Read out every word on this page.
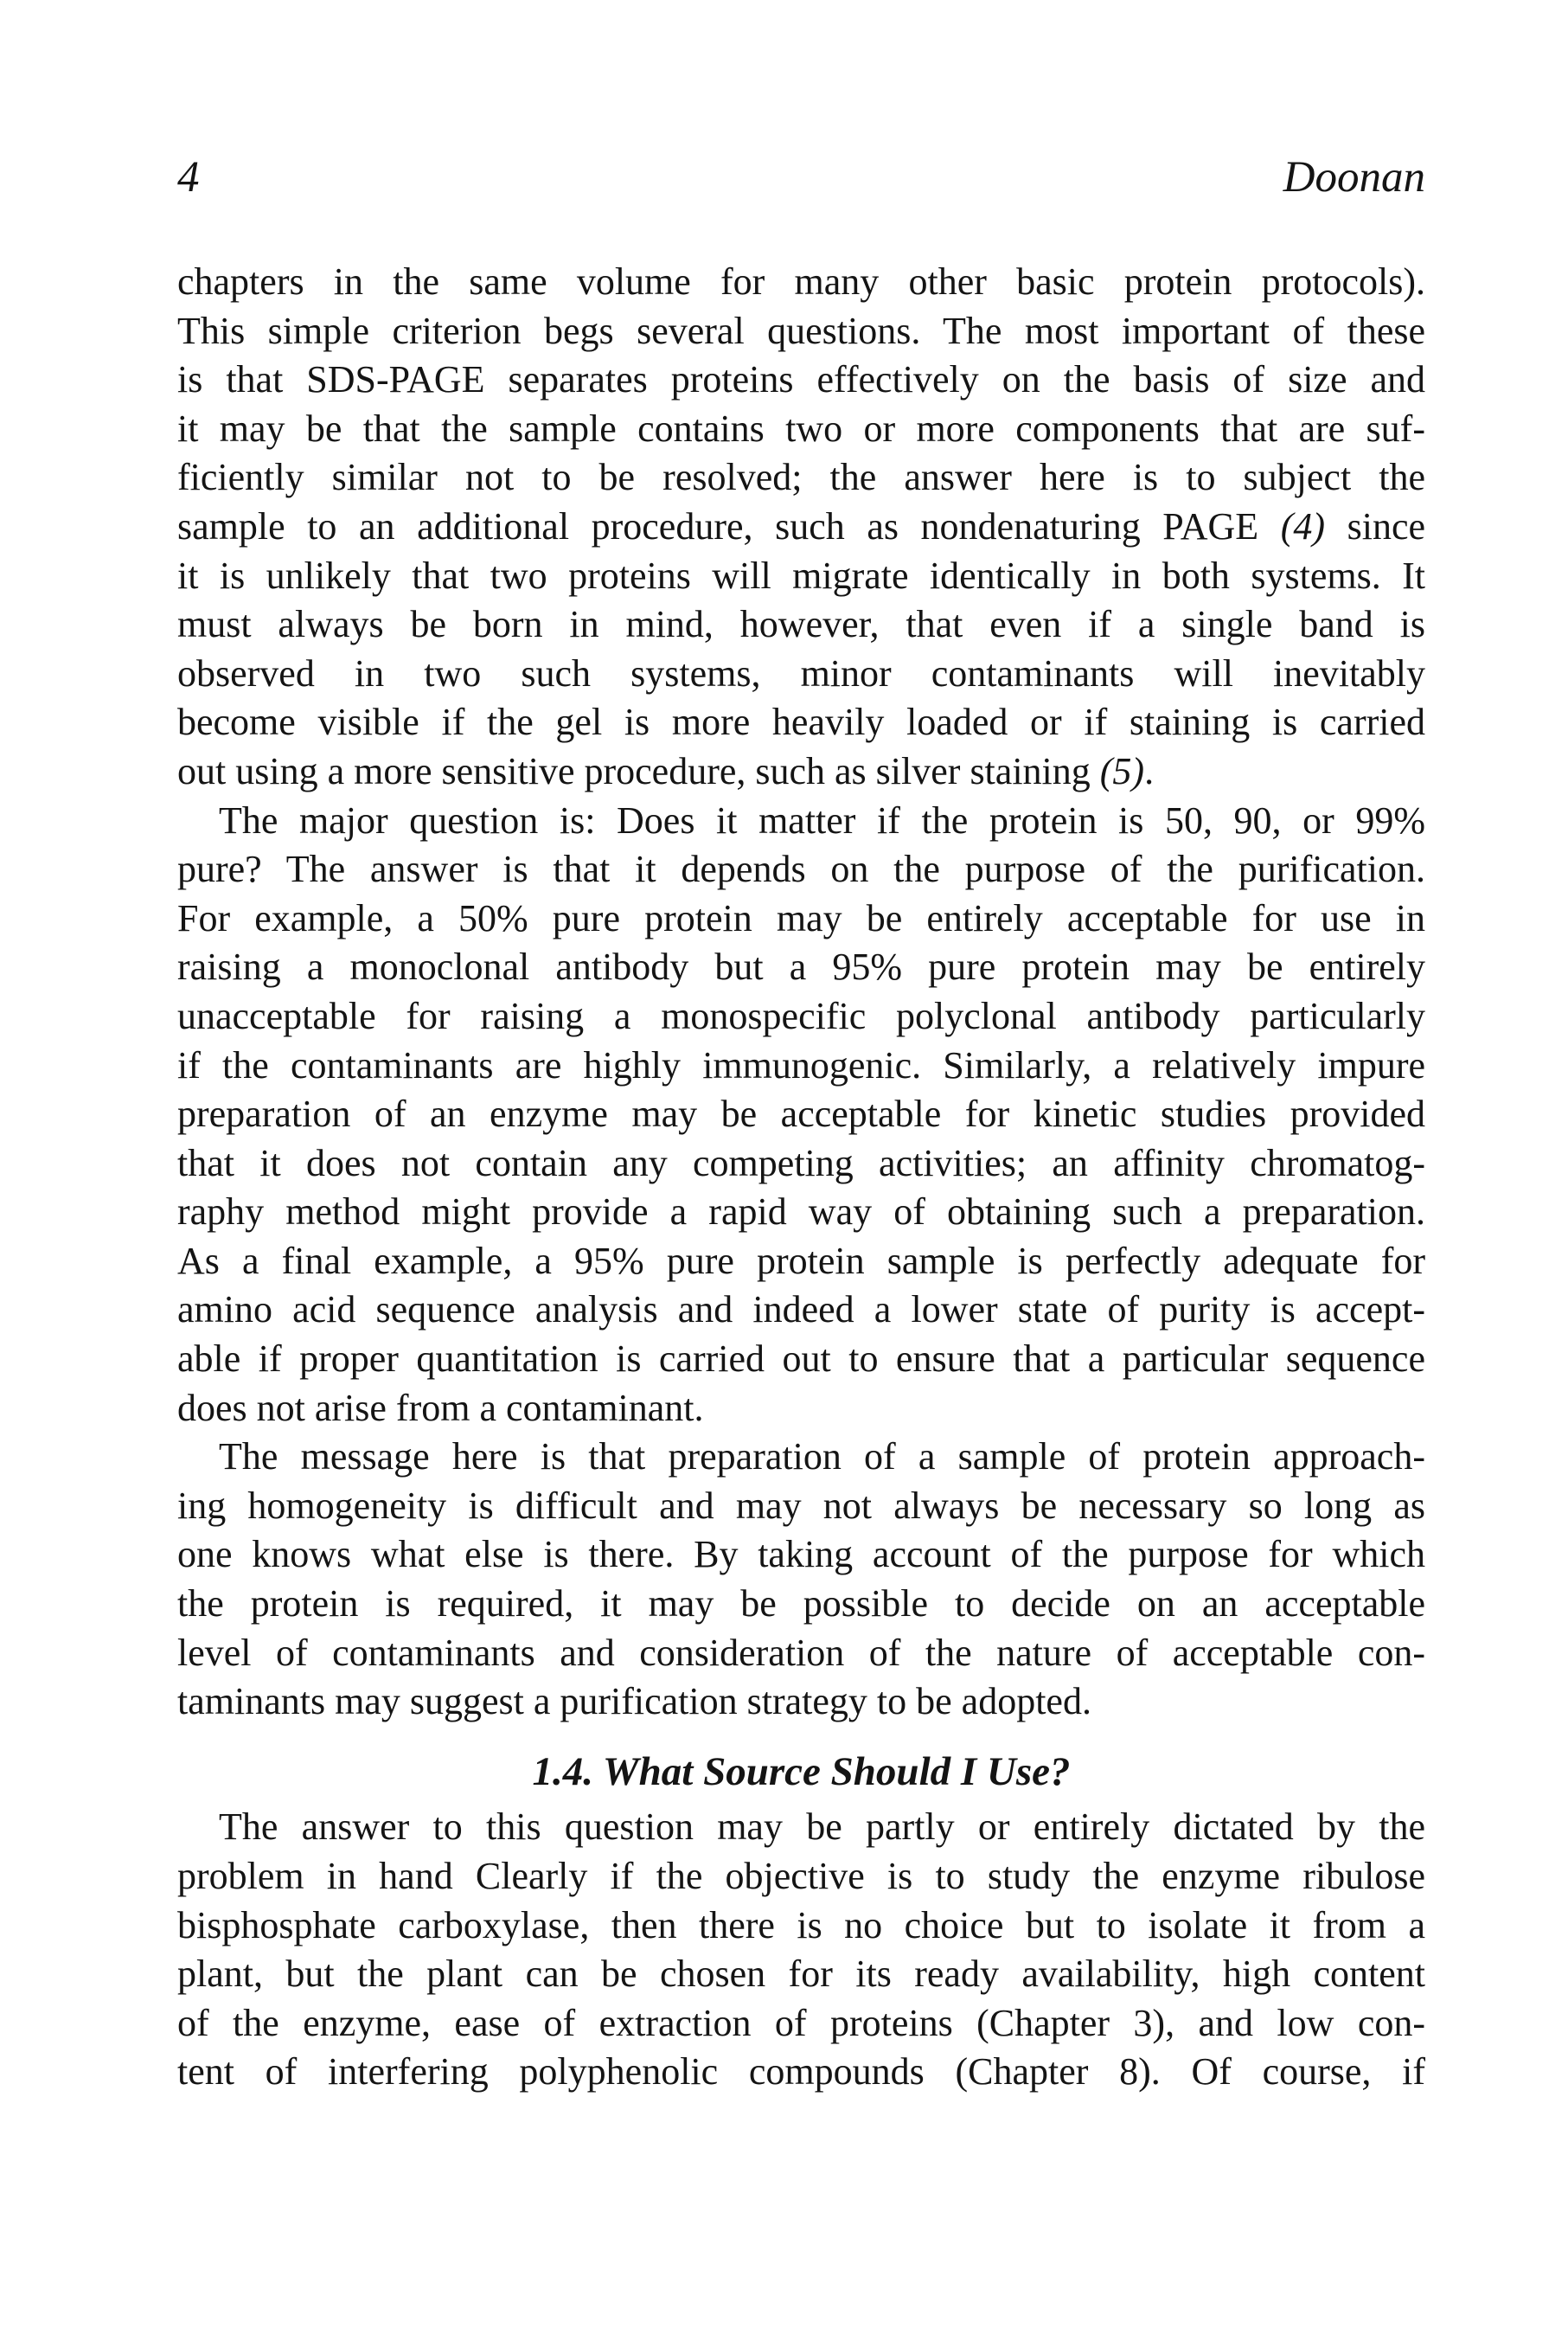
4	Doonan
chapters in the same volume for many other basic protein protocols).
This simple criterion begs several questions. The most important of these
is that SDS-PAGE separates proteins effectively on the basis of size and
it may be that the sample contains two or more components that are suf-
ficiently similar not to be resolved; the answer here is to subject the
sample to an additional procedure, such as nondenaturing PAGE (4) since
it is unlikely that two proteins will migrate identically in both systems. It
must always be born in mind, however, that even if a single band is
observed in two such systems, minor contaminants will inevitably
become visible if the gel is more heavily loaded or if staining is carried
out using a more sensitive procedure, such as silver staining (5).
The major question is: Does it matter if the protein is 50, 90, or 99%
pure? The answer is that it depends on the purpose of the purification.
For example, a 50% pure protein may be entirely acceptable for use in
raising a monoclonal antibody but a 95% pure protein may be entirely
unacceptable for raising a monospecific polyclonal antibody particularly
if the contaminants are highly immunogenic. Similarly, a relatively impure
preparation of an enzyme may be acceptable for kinetic studies provided
that it does not contain any competing activities; an affinity chromatog-
raphy method might provide a rapid way of obtaining such a preparation.
As a final example, a 95% pure protein sample is perfectly adequate for
amino acid sequence analysis and indeed a lower state of purity is accept-
able if proper quantitation is carried out to ensure that a particular sequence
does not arise from a contaminant.
The message here is that preparation of a sample of protein approach-
ing homogeneity is difficult and may not always be necessary so long as
one knows what else is there. By taking account of the purpose for which
the protein is required, it may be possible to decide on an acceptable
level of contaminants and consideration of the nature of acceptable con-
taminants may suggest a purification strategy to be adopted.
1.4. What Source Should I Use?
The answer to this question may be partly or entirely dictated by the
problem in hand Clearly if the objective is to study the enzyme ribulose
bisphosphate carboxylase, then there is no choice but to isolate it from a
plant, but the plant can be chosen for its ready availability, high content
of the enzyme, ease of extraction of proteins (Chapter 3), and low con-
tent of interfering polyphenolic compounds (Chapter 8). Of course, if
